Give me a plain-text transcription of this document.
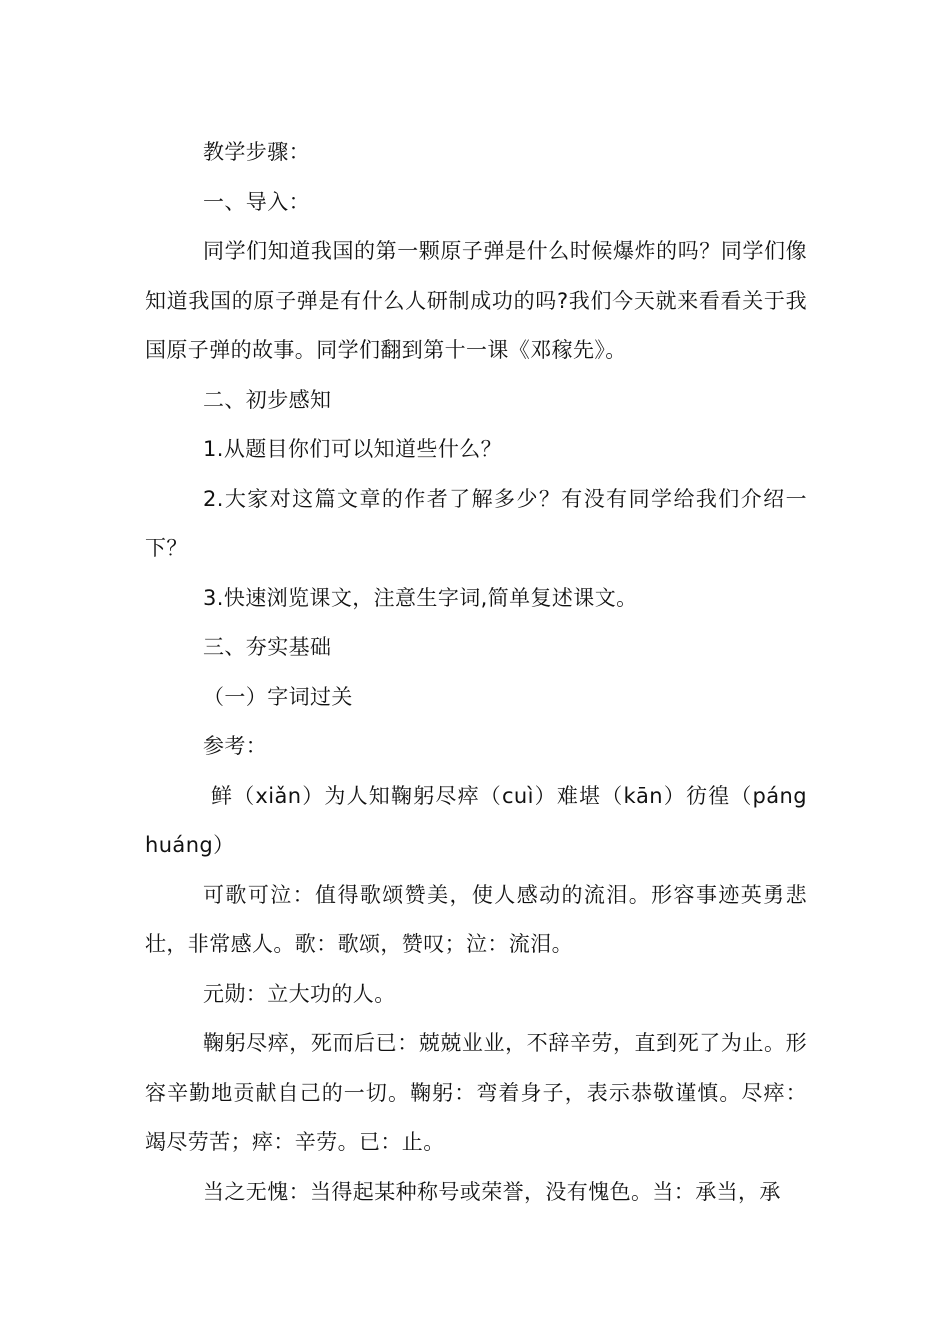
教学步骤：

一、导入：

同学们知道我国的第一颗原子弹是什么时候爆炸的吗？同学们像知道我国的原子弹是有什么人研制成功的吗?我们今天就来看看关于我国原子弹的故事。同学们翻到第十一课《邓稼先》。

二、初步感知

1.从题目你们可以知道些什么？

2.大家对这篇文章的作者了解多少？有没有同学给我们介绍一下？

3.快速浏览课文，注意生字词,简单复述课文。

三、夯实基础

（一）字词过关

参考：

鲜（xiǎn）为人知鞠躬尽瘁（cuì）难堪（kān）彷徨（páng huáng）

可歌可泣：值得歌颂赞美，使人感动的流泪。形容事迹英勇悲壮，非常感人。歌：歌颂，赞叹；泣：流泪。

元勋：立大功的人。

鞠躬尽瘁，死而后已：兢兢业业，不辞辛劳，直到死了为止。形容辛勤地贡献自己的一切。鞠躬：弯着身子，表示恭敬谨慎。尽瘁：竭尽劳苦；瘁：辛劳。已：止。

当之无愧：当得起某种称号或荣誉，没有愧色。当：承当，承
